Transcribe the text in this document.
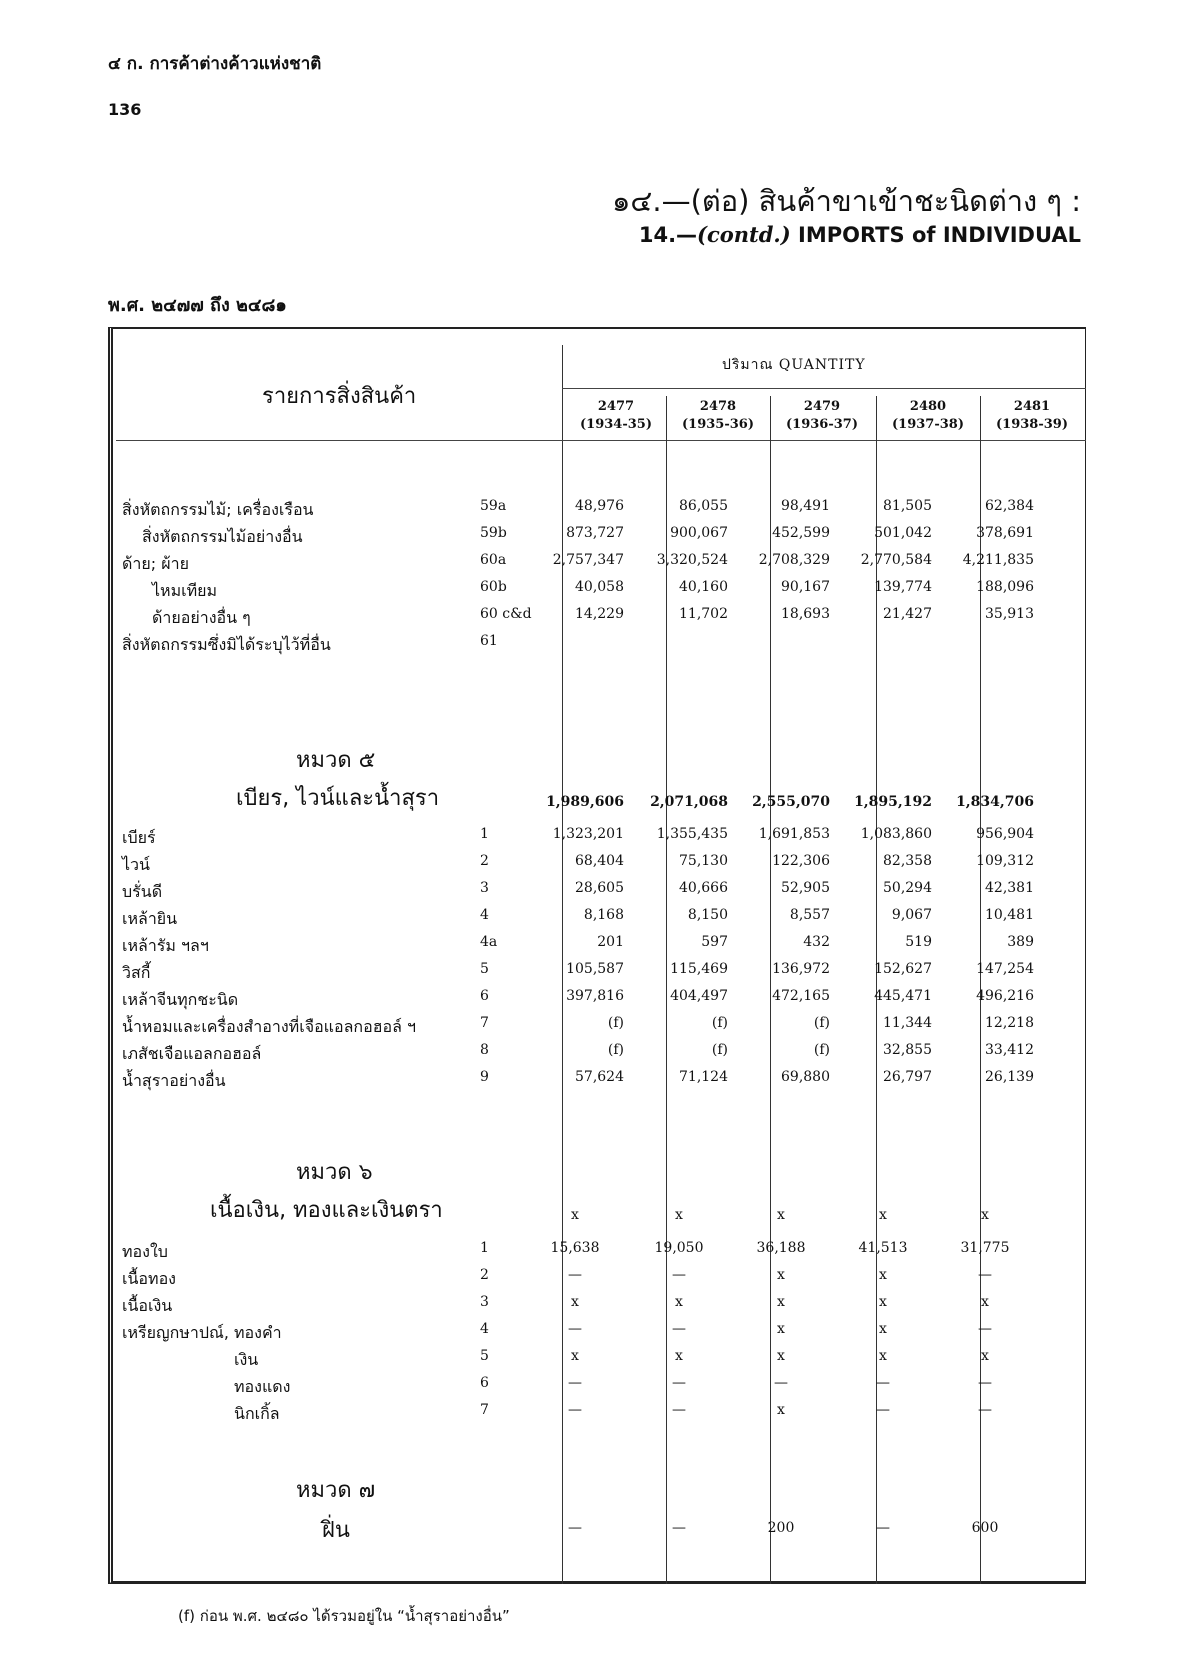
๔ ก. การค้าต่างค้าวแห่งชาติ
136
๑๔.—(ต่อ) สินค้าขาเข้าชะนิดต่าง ๆ :
14.—(contd.) IMPORTS of INDIVIDUAL
พ.ศ. ๒๔๗๗ ถึง ๒๔๘๑
รายการสิ่งสินค้า
ปริมาณ QUANTITY
2477
(1934-35)
2478
(1935-36)
2479
(1936-37)
2480
(1937-38)
2481
(1938-39)
สิ่งหัตถกรรมไม้; เครื่องเรือน	59a	48,976	86,055	98,491	81,505	62,384
สิ่งหัตถกรรมไม้อย่างอื่น	59b	873,727	900,067	452,599	501,042	378,691
ด้าย; ผ้าย	60a	2,757,347	3,320,524	2,708,329	2,770,584	4,211,835
ไหมเทียม	60b	40,058	40,160	90,167	139,774	188,096
ด้ายอย่างอื่น ๆ	60 c&d	14,229	11,702	18,693	21,427	35,913
สิ่งหัตถกรรมซึ่งมิได้ระบุไว้ที่อื่น	61
หมวด ๕
เบียร, ไวน์และน้ำสุรา	1,989,606	2,071,068	2,555,070	1,895,192	1,834,706
เบียร์	1	1,323,201	1,355,435	1,691,853	1,083,860	956,904
ไวน์	2	68,404	75,130	122,306	82,358	109,312
บรั่นดี	3	28,605	40,666	52,905	50,294	42,381
เหล้ายิน	4	8,168	8,150	8,557	9,067	10,481
เหล้ารัม ฯลฯ	4a	201	597	432	519	389
วิสกี้	5	105,587	115,469	136,972	152,627	147,254
เหล้าจีนทุกชะนิด	6	397,816	404,497	472,165	445,471	496,216
น้ำหอมและเครื่องสำอางที่เจือแอลกอฮอล์ ฯ	7	(f)	(f)	(f)	11,344	12,218
เภสัชเจือแอลกอฮอล์	8	(f)	(f)	(f)	32,855	33,412
น้ำสุราอย่างอื่น	9	57,624	71,124	69,880	26,797	26,139
หมวด ๖
เนื้อเงิน, ทองและเงินตรา	x	x	x	x	x
ทองใบ	1	15,638	19,050	36,188	41,513	31,775
เนื้อทอง	2	—	—	x	x	—
เนื้อเงิน	3	x	x	x	x	x
เหรียญกษาปณ์, ทองคำ	4	—	—	x	x	—
เงิน	5	x	x	x	x	x
ทองแดง	6	—	—	—	—	—
นิกเกิ้ล	7	—	—	x	—	—
หมวด ๗
ฝิ่น	—	—	200	—	600
(f) ก่อน พ.ศ. ๒๔๘๐ ได้รวมอยู่ใน “น้ำสุราอย่างอื่น”
